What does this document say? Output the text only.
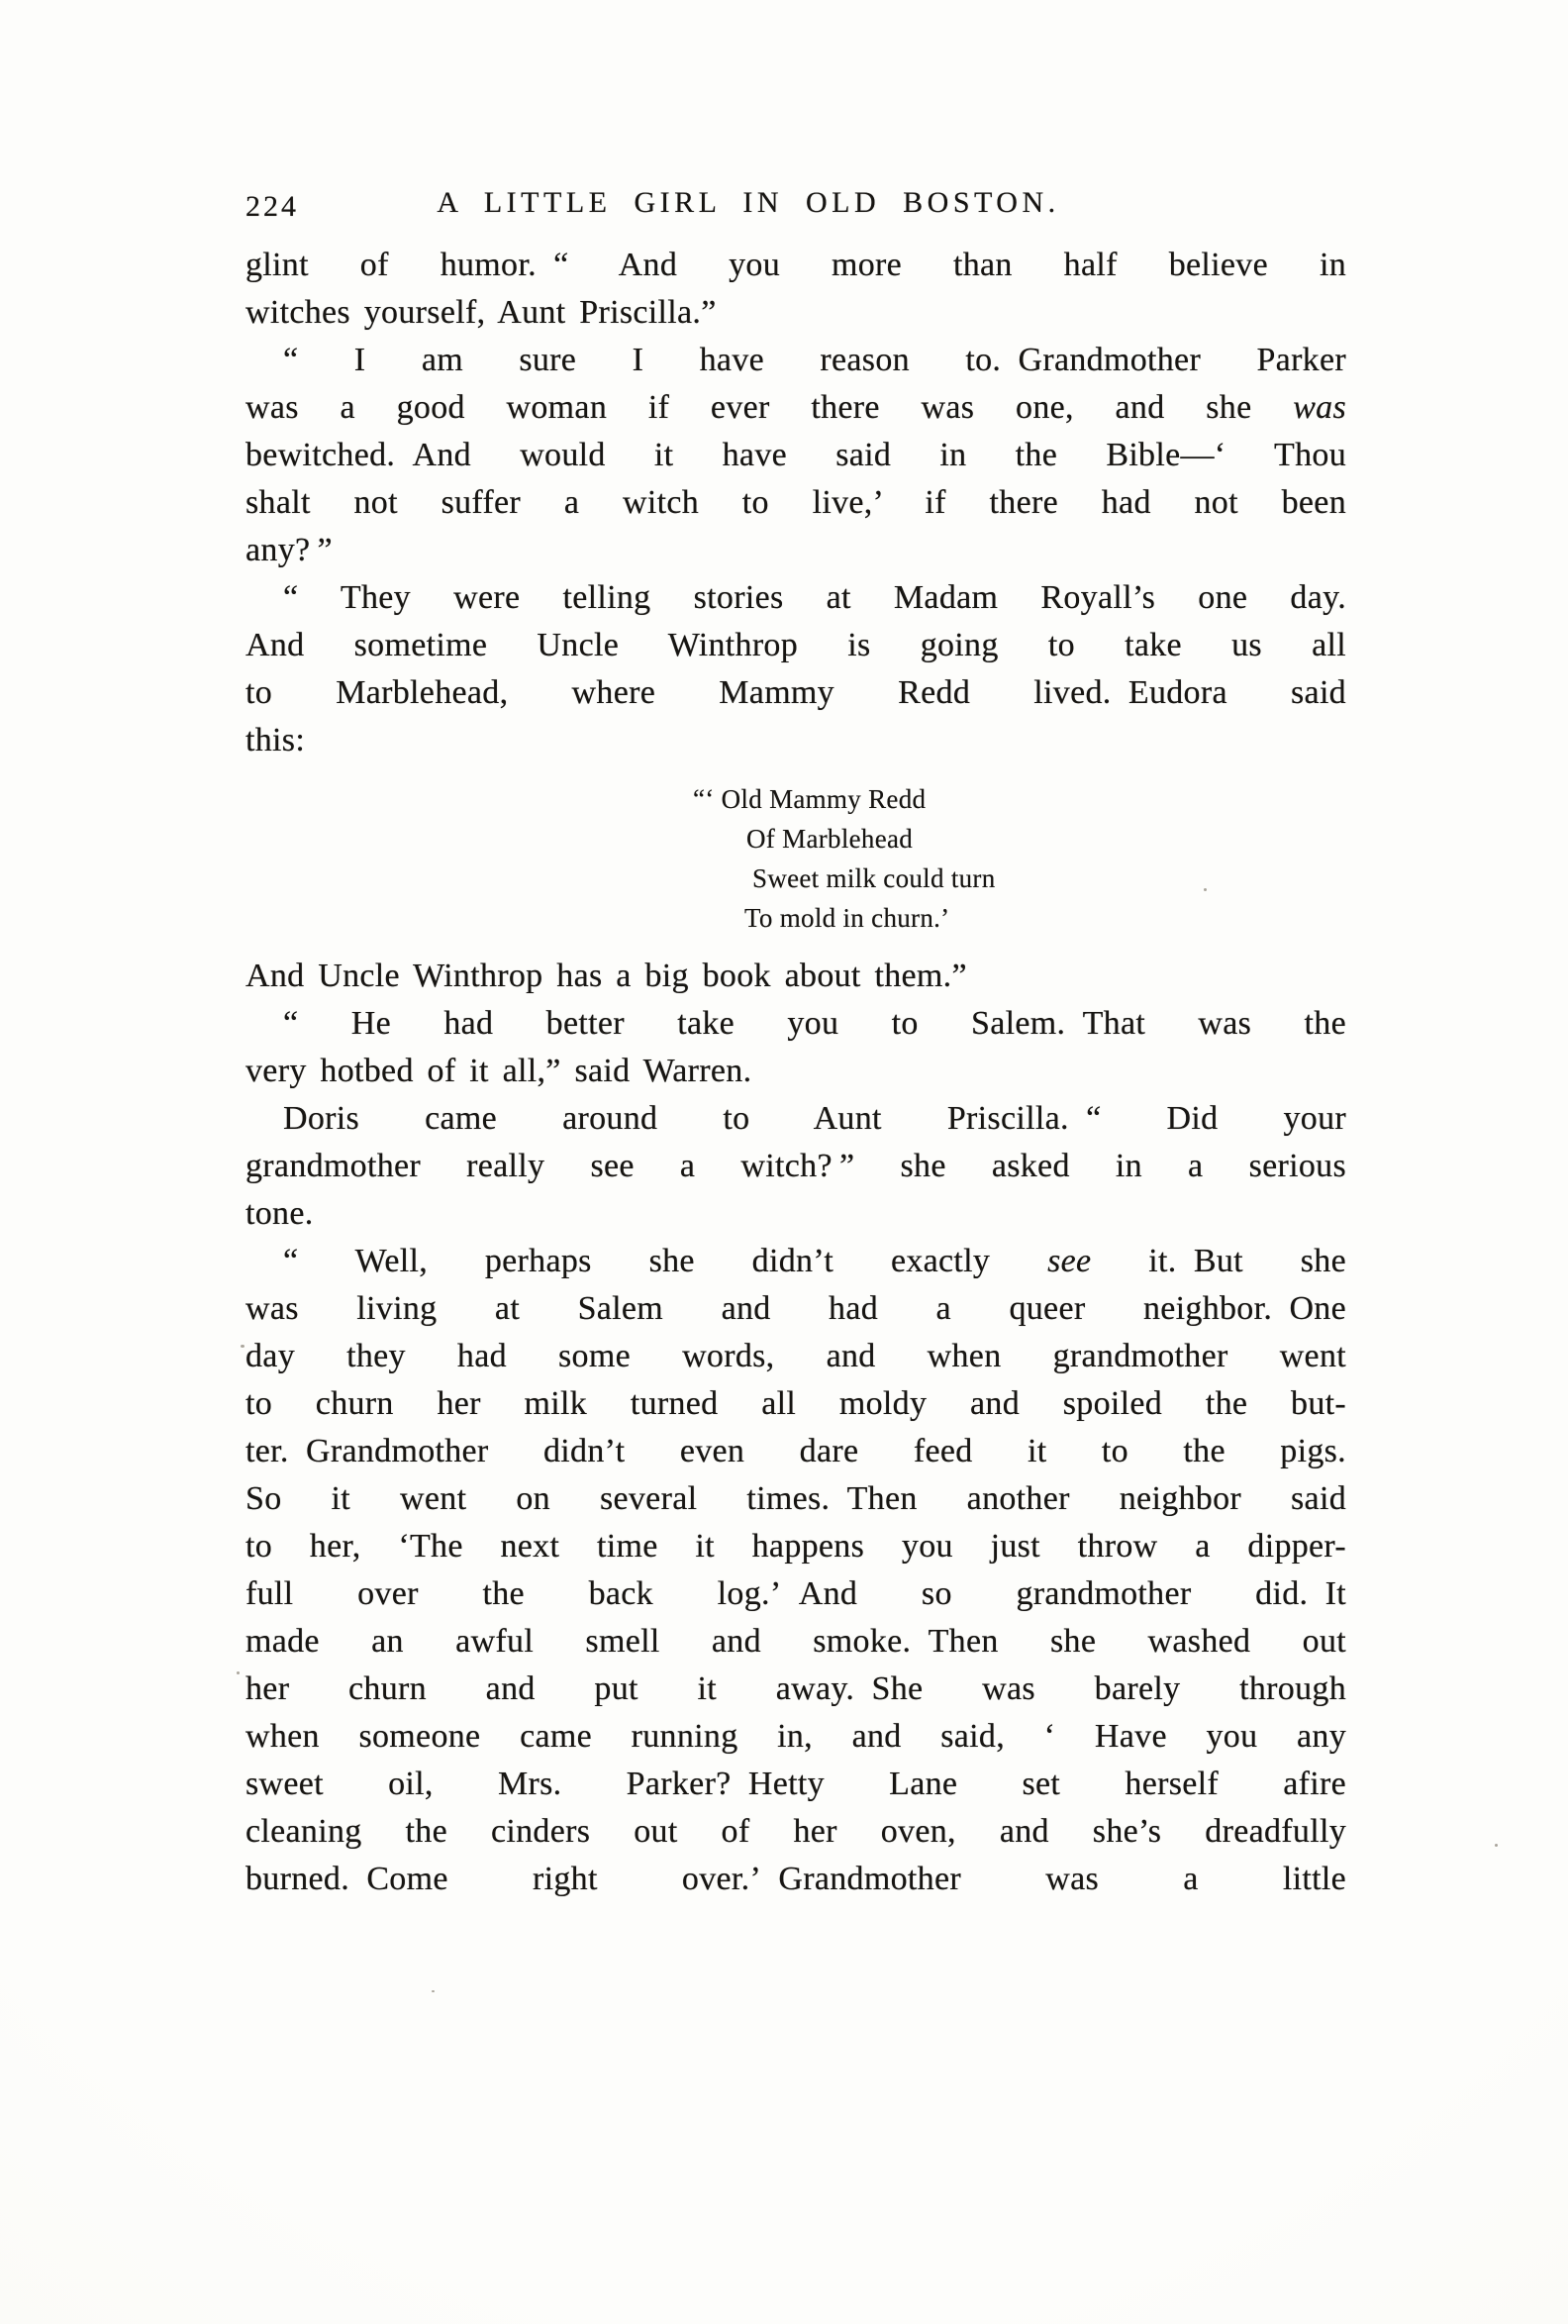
224	A LITTLE GIRL IN OLD BOSTON.
glint of humor. “ And you more than half believe in
witches yourself, Aunt Priscilla.”
“ I am sure I have reason to. Grandmother Parker
was a good woman if ever there was one, and she was
bewitched. And would it have said in the Bible—‘ Thou
shalt not suffer a witch to live,’ if there had not been
any? ”
“ They were telling stories at Madam Royall’s one day.
And sometime Uncle Winthrop is going to take us all
to Marblehead, where Mammy Redd lived. Eudora said
this:
“‘ Old Mammy Redd
Of Marblehead
Sweet milk could turn
To mold in churn.’
And Uncle Winthrop has a big book about them.”
“ He had better take you to Salem. That was the
very hotbed of it all,” said Warren.
Doris came around to Aunt Priscilla. “ Did your
grandmother really see a witch? ” she asked in a serious
tone.
“ Well, perhaps she didn’t exactly see it. But she
was living at Salem and had a queer neighbor. One
day they had some words, and when grandmother went
to churn her milk turned all moldy and spoiled the but-
ter. Grandmother didn’t even dare feed it to the pigs.
So it went on several times. Then another neighbor said
to her, ‘The next time it happens you just throw a dipper-
full over the back log.’ And so grandmother did. It
made an awful smell and smoke. Then she washed out
her churn and put it away. She was barely through
when someone came running in, and said, ‘ Have you any
sweet oil, Mrs. Parker? Hetty Lane set herself afire
cleaning the cinders out of her oven, and she’s dreadfully
burned. Come right over.’ Grandmother was a little
